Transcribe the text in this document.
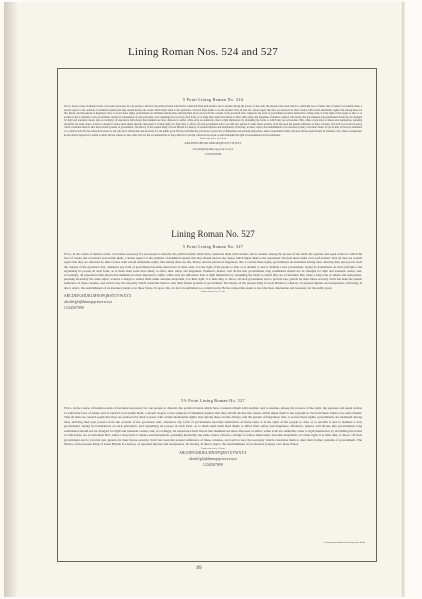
Lining Roman Nos. 524 and 527
5 Point Lining Roman No. 524
When, in the course of human events, it becomes necessary for one people to dissolve the political bands which have connected them with another, and to assume among the powers of the earth, the separate and equal station to which the laws of nature and of nature's God entitle them, a decent respect to the opinions of mankind requires that they should declare the causes which impel them to the separation. We hold these truths to be self-evident: That all men are created equal; that they are endowed by their Creator with certain inalienable rights; that among these are life, liberty, and the pursuit of happiness; that, to secure these rights, governments are instituted among men, deriving their just powers from the consent of the governed; that, whenever any form of government becomes destructive of these ends, it is the right of the people to alter or to abolish it and to institute a new government, laying its foundations on such principles, and organizing its powers in such form, as to them shall seem most likely to effect their safety and happiness. Prudence, indeed, will dictate that governments long established should not be changed for light and transient causes; and, accordingly, all experience hath shown that mankind are more disposed to suffer, while evils are sufferable, than to right themselves by abolishing the forms to which they are accustomed. But, when a long train of abuses and usurpations, pursuing invariably the same object, evinces a design to reduce them under absolute despotism, it is their right, it is their duty, to throw off such government and to provide new guards for their future security. Such has been the patient sufferance of these colonies, and such is now the necessity which constrains them to alter their former systems of government. The history of the present King of Great Britain is a history of repeated injuries and usurpations, all having, in direct object, the establishment of an absolute tyranny over these States. To prove this, let facts be submitted to a candid world. He has refused his assent to laws the most wholesome and necessary for the public good. He has forbidden his governors to pass laws of immediate and pressing importance, unless suspended in their operation till his assent should be obtained; and, when so suspended, he has utterly neglected to attend to them. He has refused to pass other laws for the accommodation of large districts of people, unless those people would relinquish the right of representation in the legislature.
Lower case a to z, 13-1.4 em
ABCDEFGHIJKLMNOPQRSTUVWXYZ
abcdefghijklmnopqrstuvwxyz
1234567890
Lining Roman No. 527
5 Point Lining Roman No. 527
When, in the course of human events, it becomes necessary for one people to dissolve the political bands which have connected them with another, and to assume, among the powers of the earth, the separate and equal station to which the laws of nature and of nature's God entitle them, a decent respect to the opinions of mankind requires that they should declare the causes which impel them to the separation. We hold these truths to be self-evident: That all men are created equal; that they are endowed by their Creator with certain inalienable rights; that among these are life, liberty, and the pursuit of happiness; that, to secure these rights, governments are instituted among men, deriving their just powers from the consent of the governed; that, whenever any form of government becomes destructive of these ends, it is the right of the people to alter or to abolish it, and to institute a new government, laying its foundations on such principles, and organizing its powers in such form, as to them shall seem most likely to effect their safety and happiness. Prudence, indeed, will dictate that governments long established should not be changed for light and transient causes; and, accordingly, all experience hath shown that mankind are more disposed to suffer, while evils are sufferable, than to right themselves by abolishing the forms to which they are accustomed. But, when a long train of abuses and usurpations, pursuing invariably the same object, evinces a design to reduce them under absolute despotism, it is their right, it is their duty, to throw off such government and to provide new guards for their future security. Such has been the patient sufferance of these colonies, and such is now the necessity which constrains them to alter their former systems of government. The history of the present King of Great Britain is a history of repeated injuries and usurpations, all having, in direct object, the establishment of an absolute tyranny over these States. To prove this, let facts be submitted to a candid world. He has refused his assent to laws the most wholesome and necessary for the public good.
Lower case a to z, 17 ems
ABCDEFGHIJKLMNOPQRSTUVWXYZ
abcdefghijklmnopqrstuvwxyz
1234567890
5½ Point Lining Roman No. 527
When, in the course of human events, it becomes necessary for one people to dissolve the political bands which have connected them with another, and to assume, among the powers of the earth, the separate and equal station to which the laws of nature and of nature's God entitle them, a decent respect to the opinions of mankind requires that they should declare the causes which impel them to the separation. We hold these truths to be self-evident: That all men are created equal; that they are endowed by their Creator with certain inalienable rights; that among these are life, liberty, and the pursuit of happiness; that, to secure these rights, governments are instituted among men, deriving their just powers from the consent of the governed; that, whenever any form of government becomes destructive of these ends, it is the right of the people to alter or to abolish it and to institute a new government, laying its foundations on such principles, and organizing its powers in such form, as to them shall seem most likely to effect their safety and happiness. Prudence, indeed, will dictate that governments long established should not be changed for light and transient causes; and, accordingly, all experience hath shown that mankind are more disposed to suffer, while evils are sufferable, than to right themselves by abolishing the forms to which they are accustomed. But, when a long train of abuses and usurpations, pursuing invariably the same object, evinces a design to reduce them under absolute despotism, it is their right, it is their duty, to throw off such government and to provide new guards for their future security. Such has been the patient sufferance of these colonies, and such is now the necessity which constrains them to alter their former systems of government. The history of the present King of Great Britain is a history of repeated injuries and usurpations, all having, in direct object, the establishment of an absolute tyranny over these States.
Lower case a to z, 18 ems
ABCDEFGHIJKLMNOPQRSTUVWXYZ
abcdefghijklmnopqrstuvwxyz
1234567890
Fourth represented with more points leads
89
